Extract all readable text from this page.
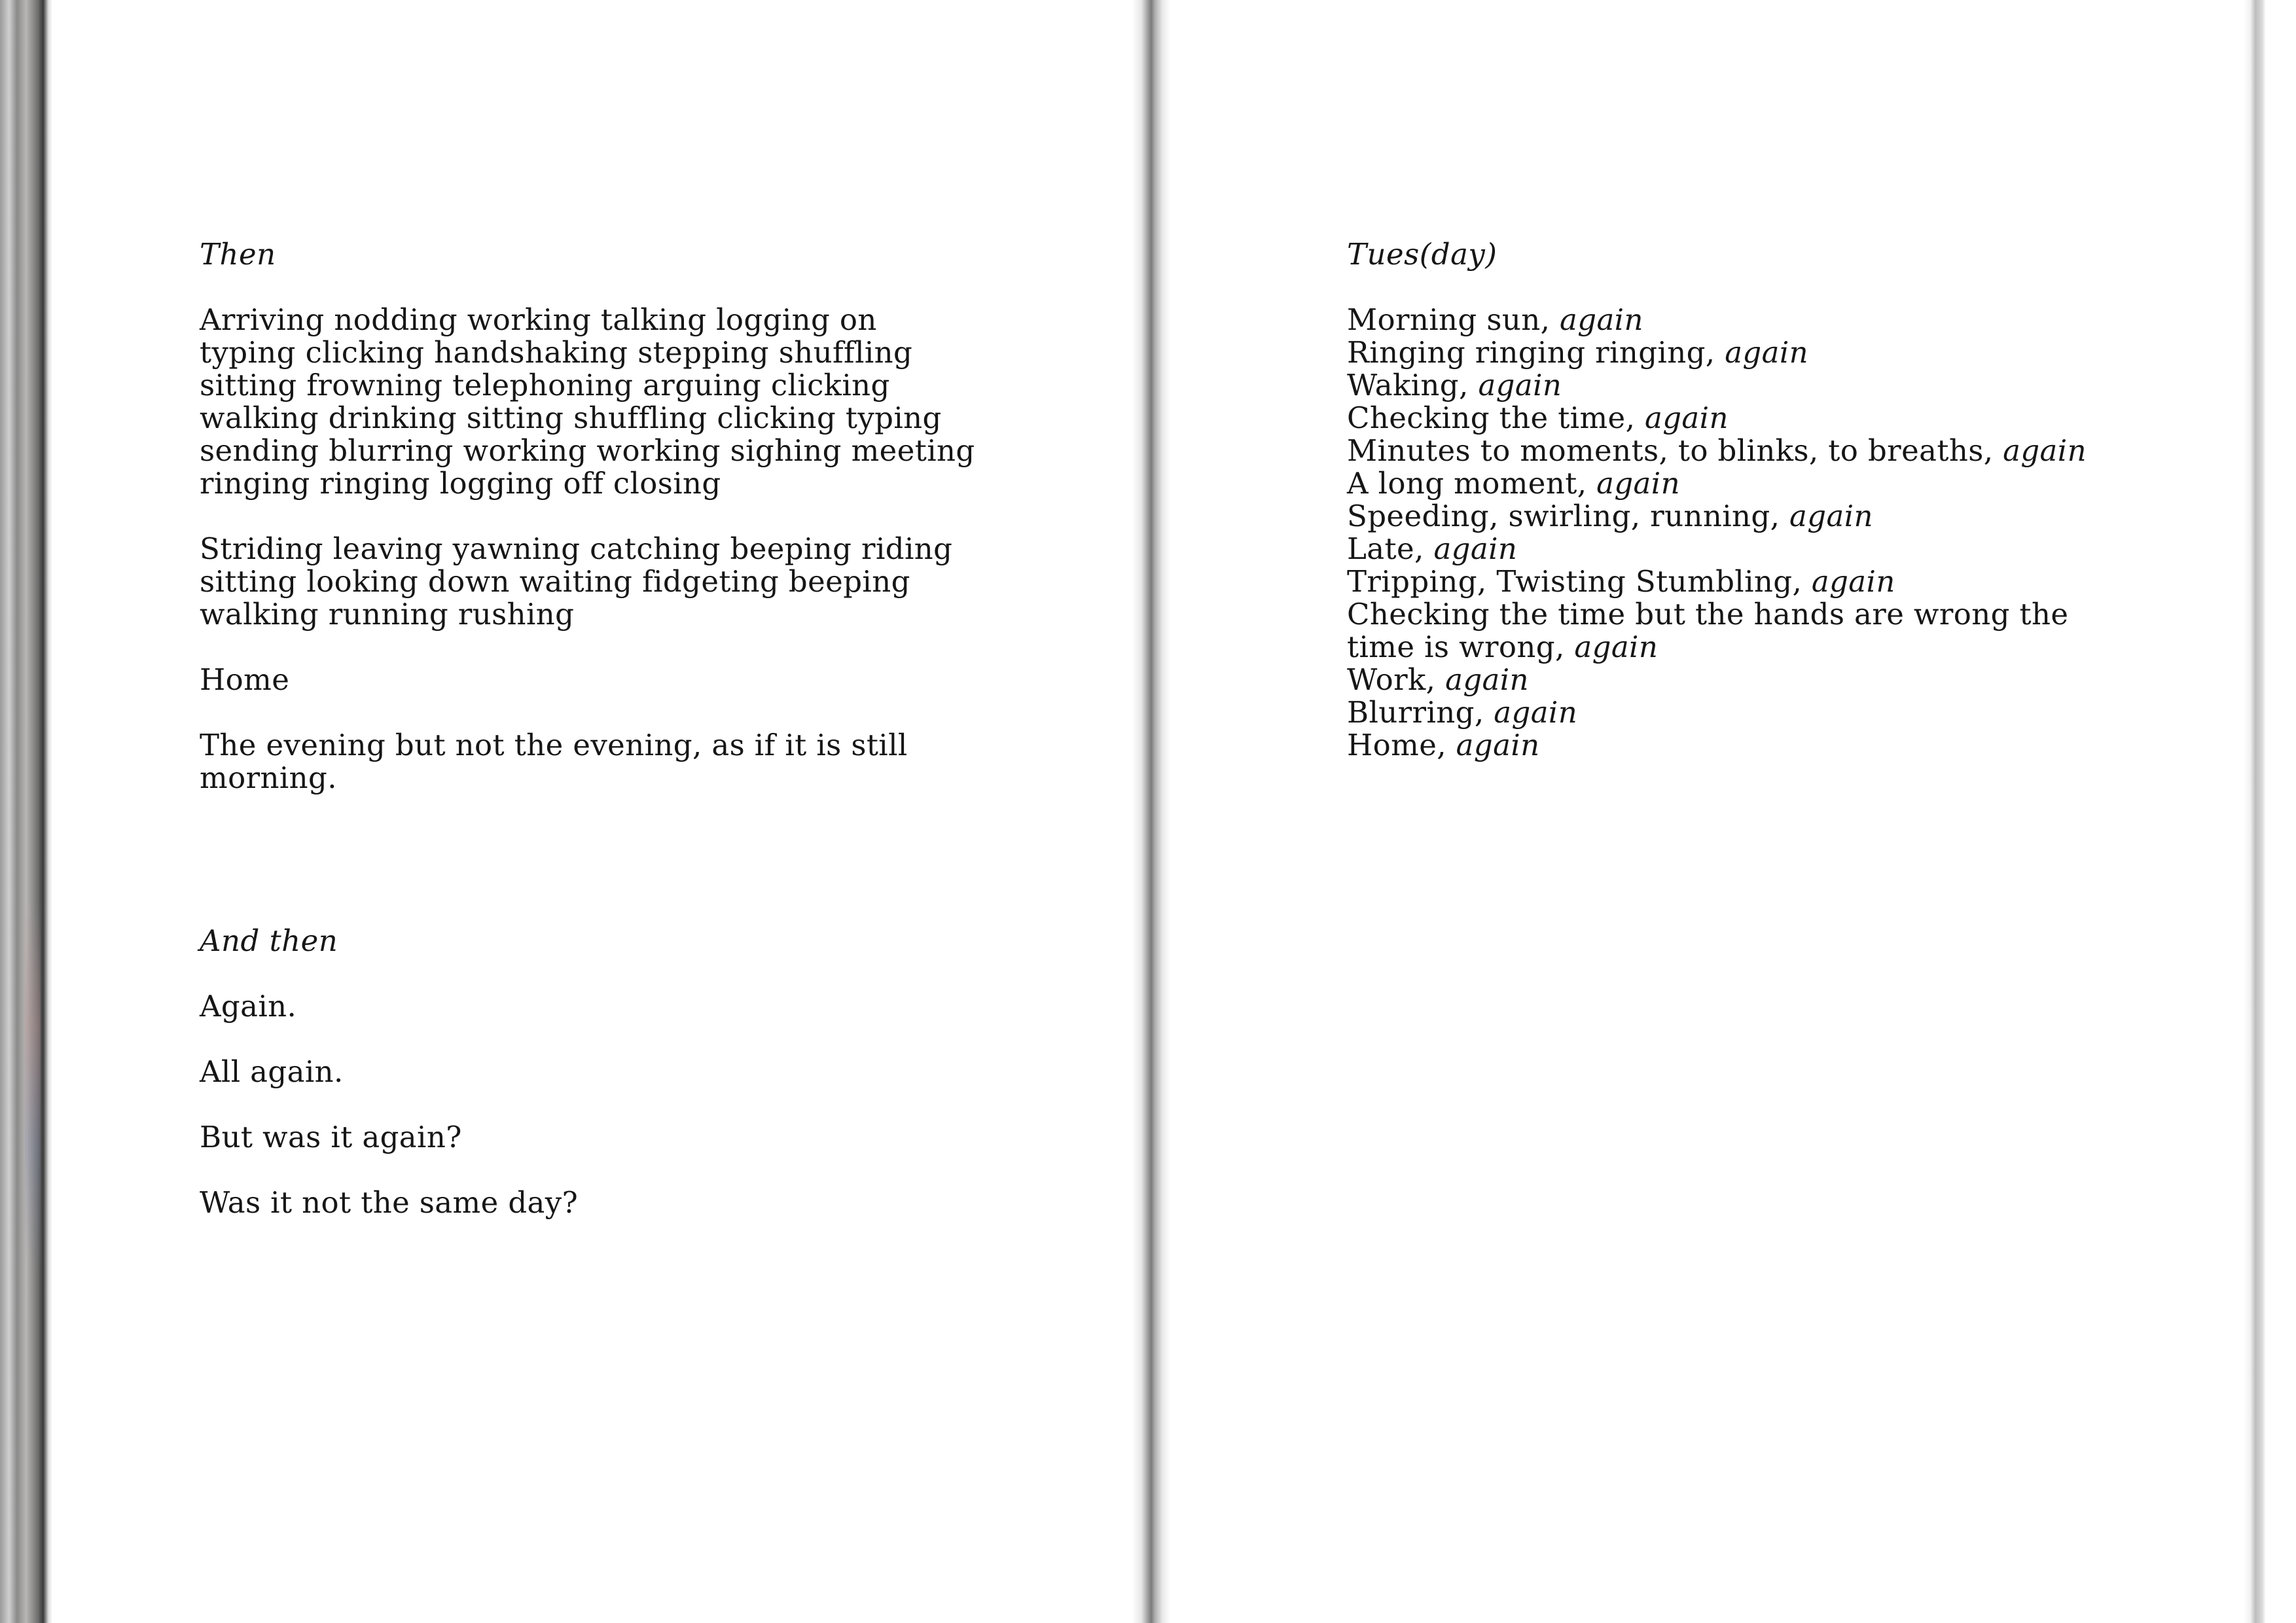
Then

Arriving nodding working talking logging on
typing clicking handshaking stepping shuffling
sitting frowning telephoning arguing clicking
walking drinking sitting shuffling clicking typing
sending blurring working working sighing meeting
ringing ringing logging off closing

Striding leaving yawning catching beeping riding
sitting looking down waiting fidgeting beeping
walking running rushing

Home

The evening but not the evening, as if it is still
morning.

And then

Again.

All again.

But was it again?

Was it not the same day?

Tues(day)

Morning sun, again
Ringing ringing ringing, again
Waking, again
Checking the time, again
Minutes to moments, to blinks, to breaths, again
A long moment, again
Speeding, swirling, running, again
Late, again
Tripping, Twisting Stumbling, again
Checking the time but the hands are wrong the
time is wrong, again
Work, again
Blurring, again
Home, again
